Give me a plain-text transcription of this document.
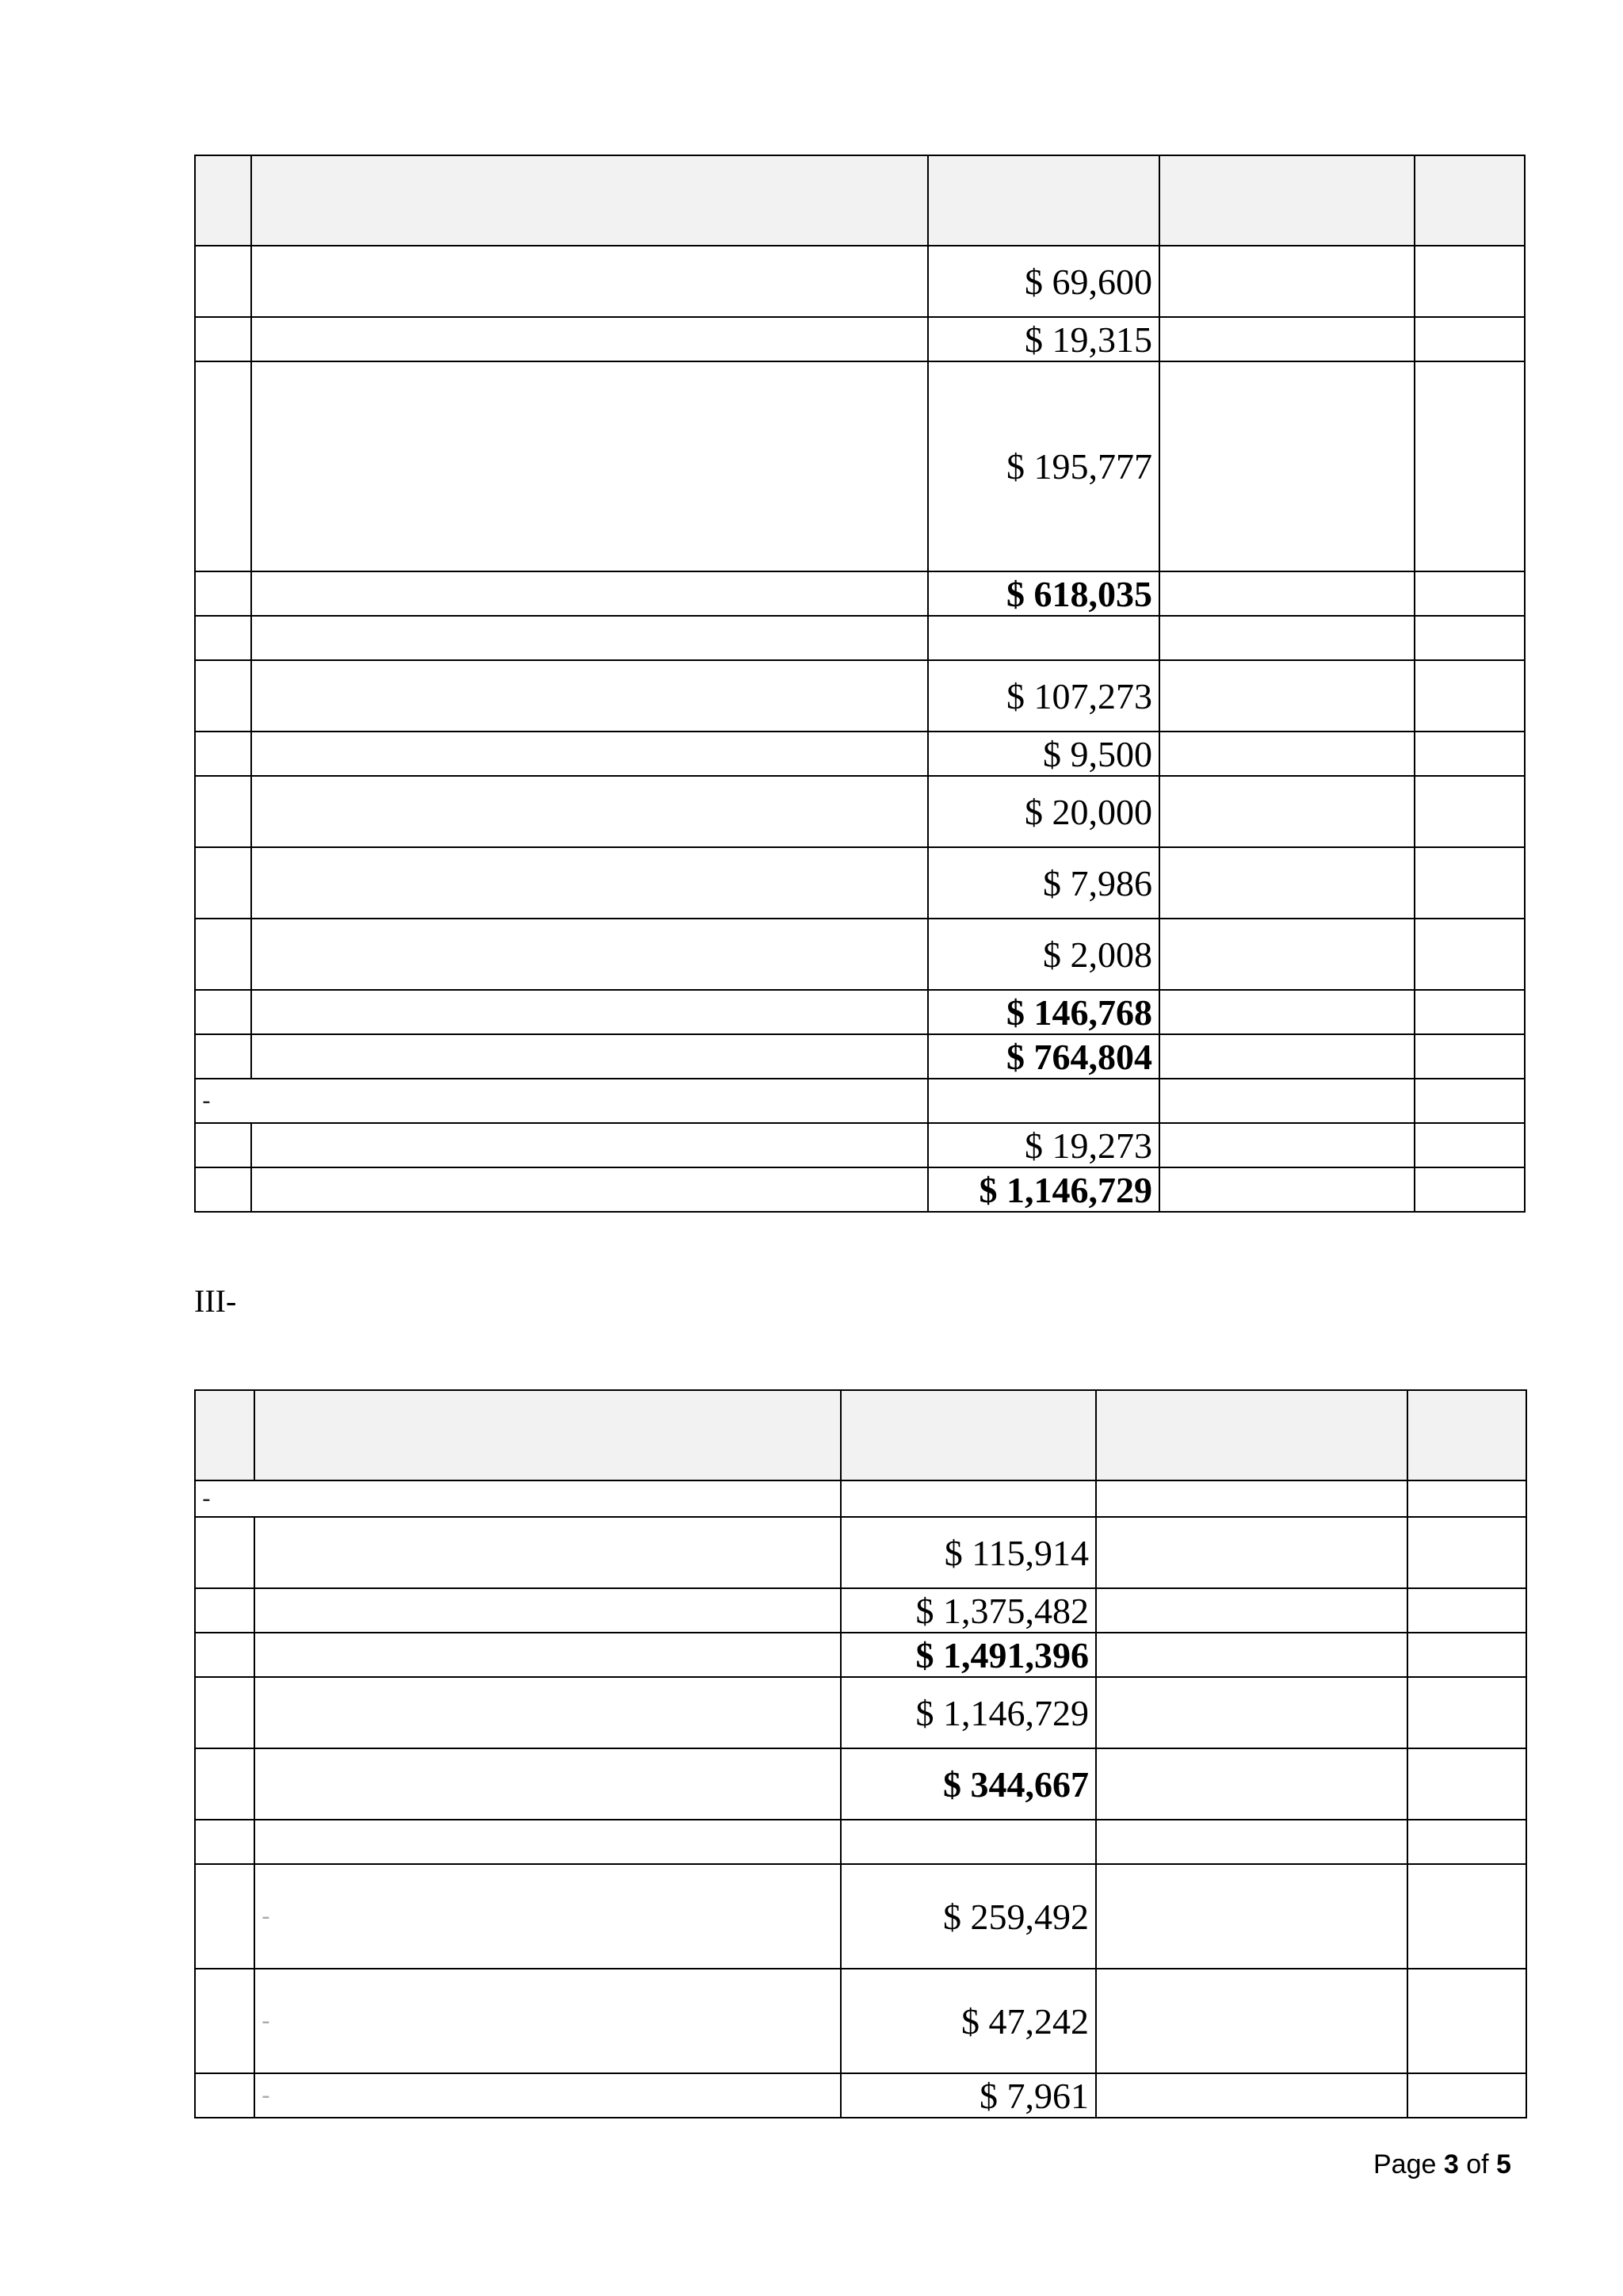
		$ 69,600		
		$ 19,315		
		$ 195,777		
		$ 618,035		

		$ 107,273		
		$ 9,500		
		$ 20,000		
		$ 7,986		
		$ 2,008		
		$ 146,768		
		$ 764,804		
-				
		$ 19,273		
		$ 1,146,729		
III-

-				
		$ 115,914		
		$ 1,375,482		
		$ 1,491,396		
		$ 1,146,729		
		$ 344,667		

	-	$ 259,492		
	-	$ 47,242		
	-	$ 7,961		
Page 3 of 5
